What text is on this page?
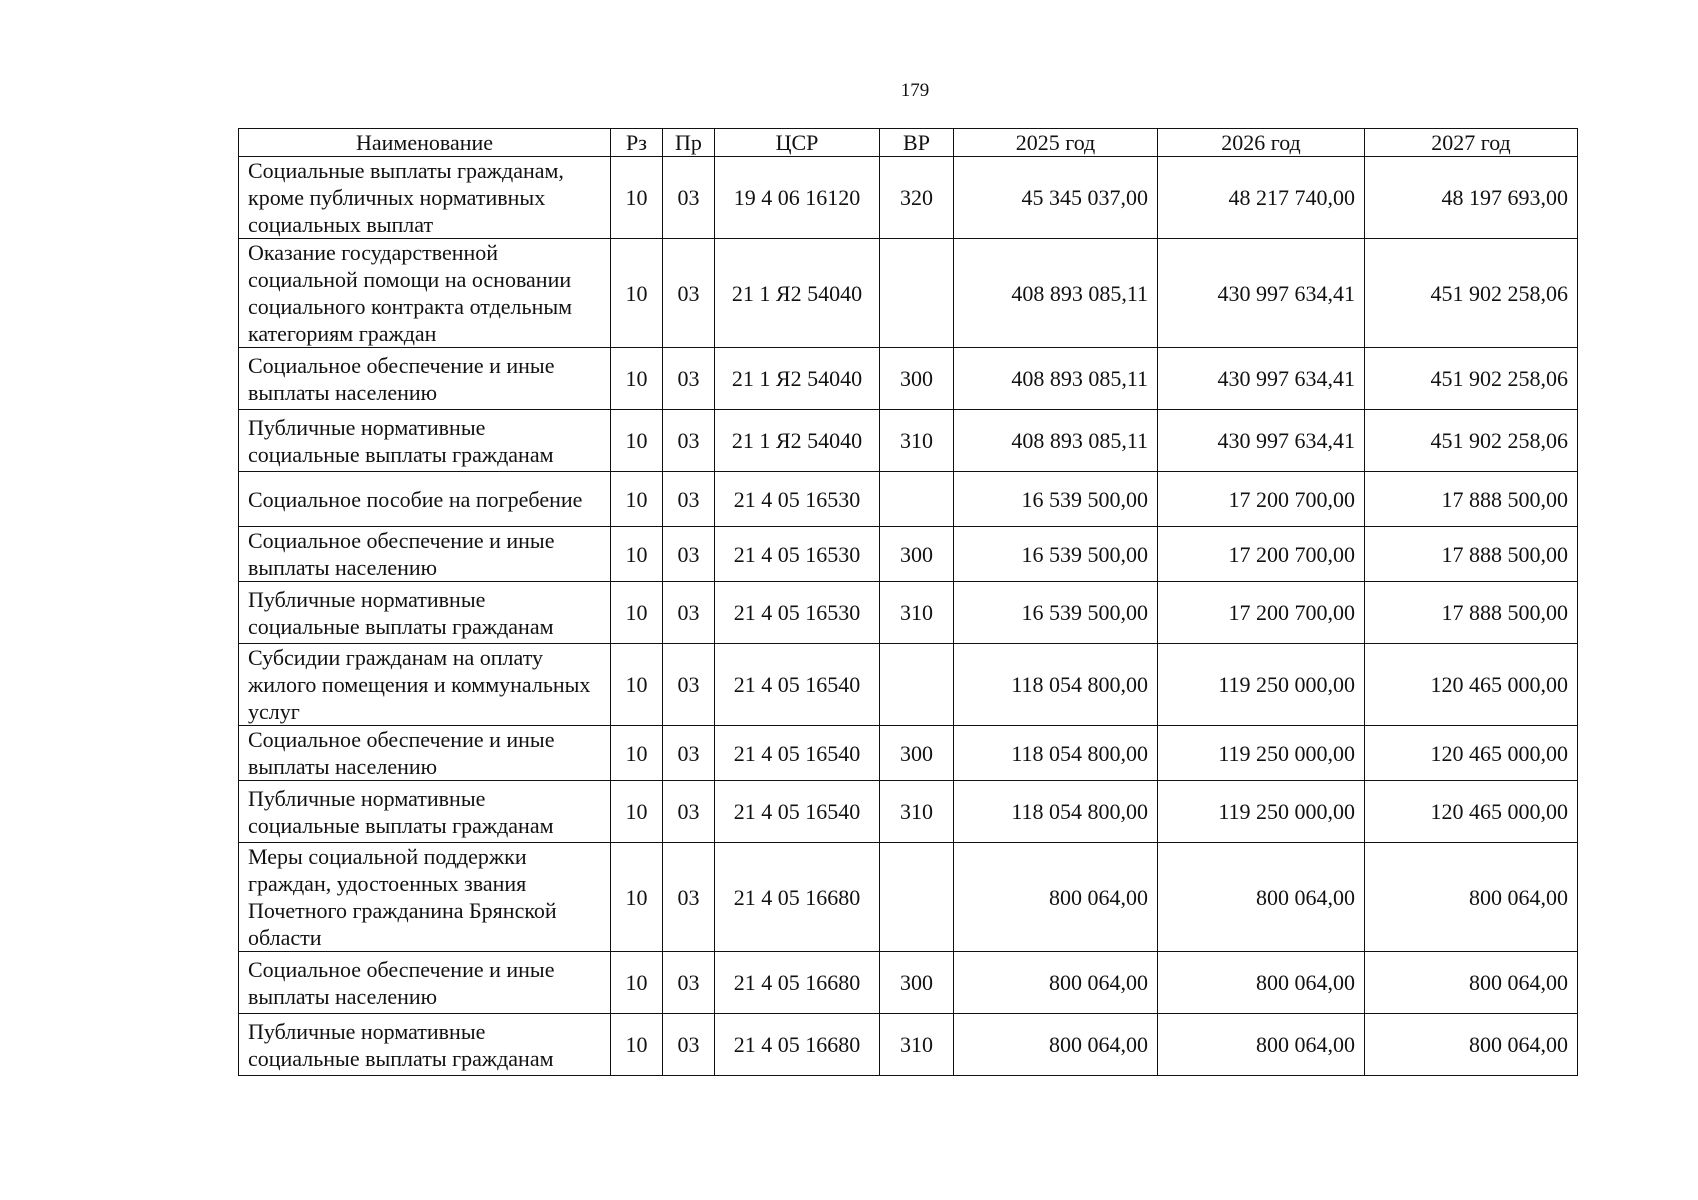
179
Наименование	Рз	Пр	ЦСР	ВР	2025 год	2026 год	2027 год
Социальные выплаты гражданам, кроме публичных нормативных социальных выплат	10	03	19 4 06 16120	320	45 345 037,00	48 217 740,00	48 197 693,00
Оказание государственной социальной помощи на основании социального контракта отдельным категориям граждан	10	03	21 1 Я2 54040		408 893 085,11	430 997 634,41	451 902 258,06
Социальное обеспечение и иные выплаты населению	10	03	21 1 Я2 54040	300	408 893 085,11	430 997 634,41	451 902 258,06
Публичные нормативные социальные выплаты гражданам	10	03	21 1 Я2 54040	310	408 893 085,11	430 997 634,41	451 902 258,06
Социальное пособие на погребение	10	03	21 4 05 16530		16 539 500,00	17 200 700,00	17 888 500,00
Социальное обеспечение и иные выплаты населению	10	03	21 4 05 16530	300	16 539 500,00	17 200 700,00	17 888 500,00
Публичные нормативные социальные выплаты гражданам	10	03	21 4 05 16530	310	16 539 500,00	17 200 700,00	17 888 500,00
Субсидии гражданам на оплату жилого помещения и коммунальных услуг	10	03	21 4 05 16540		118 054 800,00	119 250 000,00	120 465 000,00
Социальное обеспечение и иные выплаты населению	10	03	21 4 05 16540	300	118 054 800,00	119 250 000,00	120 465 000,00
Публичные нормативные социальные выплаты гражданам	10	03	21 4 05 16540	310	118 054 800,00	119 250 000,00	120 465 000,00
Меры социальной поддержки граждан, удостоенных звания Почетного гражданина Брянской области	10	03	21 4 05 16680		800 064,00	800 064,00	800 064,00
Социальное обеспечение и иные выплаты населению	10	03	21 4 05 16680	300	800 064,00	800 064,00	800 064,00
Публичные нормативные социальные выплаты гражданам	10	03	21 4 05 16680	310	800 064,00	800 064,00	800 064,00
